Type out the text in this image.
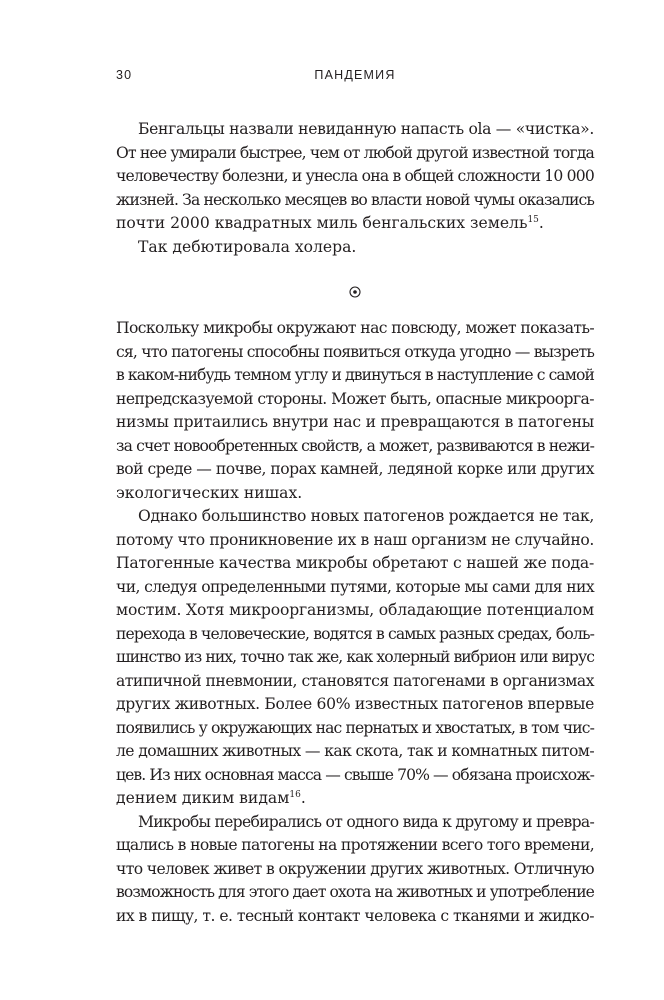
30	ПАНДЕМИЯ
Бенгальцы назвали невиданную напасть ola — «чистка».
От нее умирали быстрее, чем от любой другой известной тогда
человечеству болезни, и унесла она в общей сложности 10 000
жизней. За несколько месяцев во власти новой чумы оказались
почти 2000 квадратных миль бенгальских земель$^{15}$.
Так дебютировала холера.
Поскольку микробы окружают нас повсюду, может показать-
ся, что патогены способны появиться откуда угодно — вызреть
в каком-нибудь темном углу и двинуться в наступление с самой
непредсказуемой стороны. Может быть, опасные микроорга-
низмы притаились внутри нас и превращаются в патогены
за счет новообретенных свойств, а может, развиваются в нежи-
вой среде — почве, порах камней, ледяной корке или других
экологических нишах.
Однако большинство новых патогенов рождается не так,
потому что проникновение их в наш организм не случайно.
Патогенные качества микробы обретают с нашей же пода-
чи, следуя определенными путями, которые мы сами для них
мостим. Хотя микроорганизмы, обладающие потенциалом
перехода в человеческие, водятся в самых разных средах, боль-
шинство из них, точно так же, как холерный вибрион или вирус
атипичной пневмонии, становятся патогенами в организмах
других животных. Более 60% известных патогенов впервые
появились у окружающих нас пернатых и хвостатых, в том чис-
ле домашних животных — как скота, так и комнатных питом-
цев. Из них основная масса — свыше 70% — обязана происхож-
дением диким видам$^{16}$.
Микробы перебирались от одного вида к другому и превра-
щались в новые патогены на протяжении всего того времени,
что человек живет в окружении других животных. Отличную
возможность для этого дает охота на животных и употребление
их в пищу, т. е. тесный контакт человека с тканями и жидко-
